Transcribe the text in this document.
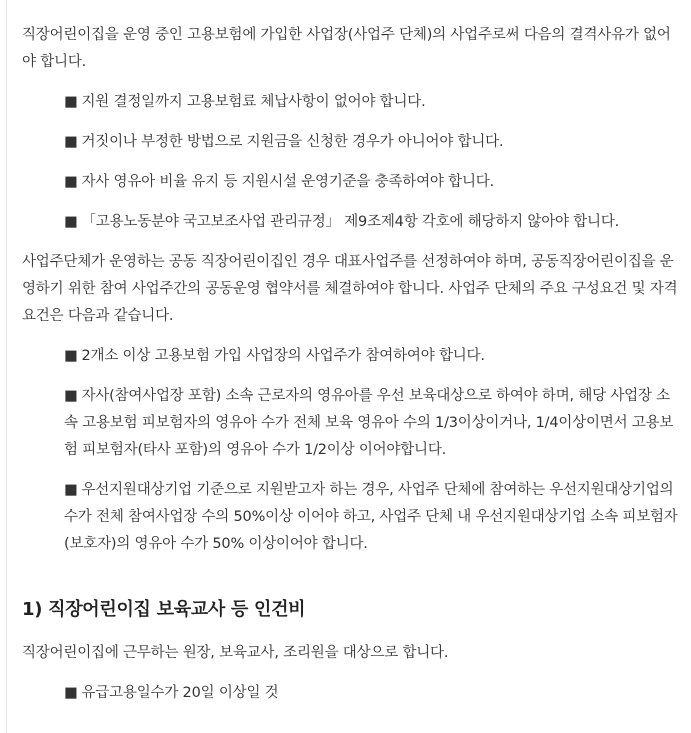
직장어린이집을 운영 중인 고용보험에 가입한 사업장(사업주 단체)의 사업주로써 다음의 결격사유가 없어야 합니다.

■ 지원 결정일까지 고용보험료 체납사항이 없어야 합니다.
■ 거짓이나 부정한 방법으로 지원금을 신청한 경우가 아니어야 합니다.
■ 자사 영유아 비율 유지 등 지원시설 운영기준을 충족하여야 합니다.
■ 「고용노동분야 국고보조사업 관리규정」 제9조제4항 각호에 해당하지 않아야 합니다.

사업주단체가 운영하는 공동 직장어린이집인 경우 대표사업주를 선정하여야 하며, 공동직장어린이집을 운영하기 위한 참여 사업주간의 공동운영 협약서를 체결하여야 합니다. 사업주 단체의 주요 구성요건 및 자격요건은 다음과 같습니다.

■ 2개소 이상 고용보험 가입 사업장의 사업주가 참여하여야 합니다.
■ 자사(참여사업장 포함) 소속 근로자의 영유아를 우선 보육대상으로 하여야 하며, 해당 사업장 소속 고용보험 피보험자의 영유아 수가 전체 보육 영유아 수의 1/3이상이거나, 1/4이상이면서 고용보험 피보험자(타사 포함)의 영유아 수가 1/2이상 이어야합니다.
■ 우선지원대상기업 기준으로 지원받고자 하는 경우, 사업주 단체에 참여하는 우선지원대상기업의 수가 전체 참여사업장 수의 50%이상 이어야 하고, 사업주 단체 내 우선지원대상기업 소속 피보험자(보호자)의 영유아 수가 50% 이상이어야 합니다.
1) 직장어린이집 보육교사 등 인건비

직장어린이집에 근무하는 원장, 보육교사, 조리원을 대상으로 합니다.

■ 유급고용일수가 20일 이상일 것
